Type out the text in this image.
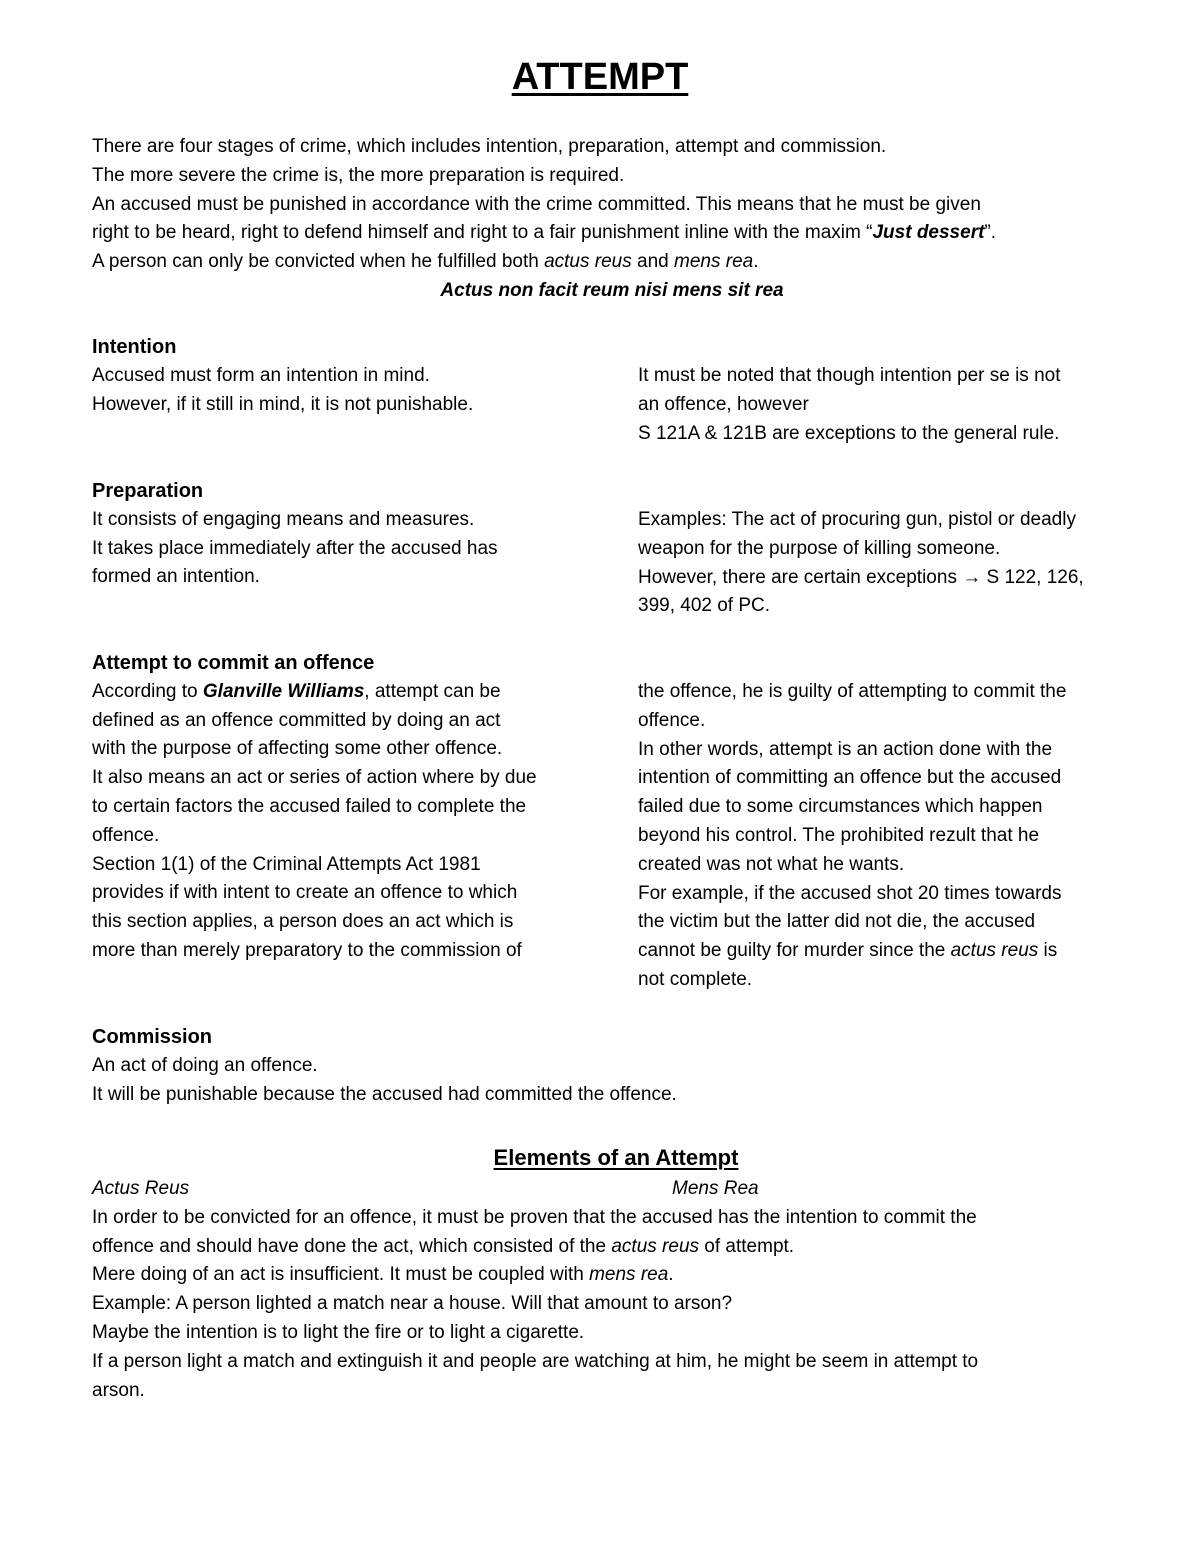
ATTEMPT

There are four stages of crime, which includes intention, preparation, attempt and commission.

The more severe the crime is, the more preparation is required.

An accused must be punished in accordance with the crime committed. This means that he must be given

right to be heard, right to defend himself and right to a fair punishment inline with the maxim “Just dessert”.

A person can only be convicted when he fulfilled both actus reus and mens rea.

Actus non facit reum nisi mens sit rea

Intention

Accused must form an intention in mind.

However, if it still in mind, it is not punishable.

It must be noted that though intention per se is not

an offence, however

S 121A & 121B are exceptions to the general rule.

Preparation

It consists of engaging means and measures.

It takes place immediately after the accused has

formed an intention.

Examples: The act of procuring gun, pistol or deadly

weapon for the purpose of killing someone.

However, there are certain exceptions → S 122, 126,

399, 402 of PC.

Attempt to commit an offence

According to Glanville Williams, attempt can be

defined as an offence committed by doing an act

with the purpose of affecting some other offence.

It also means an act or series of action where by due

to certain factors the accused failed to complete the

offence.

Section 1(1) of the Criminal Attempts Act 1981

provides if with intent to create an offence to which

this section applies, a person does an act which is

more than merely preparatory to the commission of

the offence, he is guilty of attempting to commit the

offence.

In other words, attempt is an action done with the

intention of committing an offence but the accused

failed due to some circumstances which happen

beyond his control. The prohibited rezult that he

created was not what he wants.

For example, if the accused shot 20 times towards

the victim but the latter did not die, the accused

cannot be guilty for murder since the actus reus is

not complete.

Commission

An act of doing an offence.

It will be punishable because the accused had committed the offence.

Elements of an Attempt
Mens Rea

Actus Reus

In order to be convicted for an offence, it must be proven that the accused has the intention to commit the

offence and should have done the act, which consisted of the actus reus of attempt.

Mere doing of an act is insufficient. It must be coupled with mens rea.

Example: A person lighted a match near a house. Will that amount to arson?

Maybe the intention is to light the fire or to light a cigarette.

If a person light a match and extinguish it and people are watching at him, he might be seem in attempt to

arson.
